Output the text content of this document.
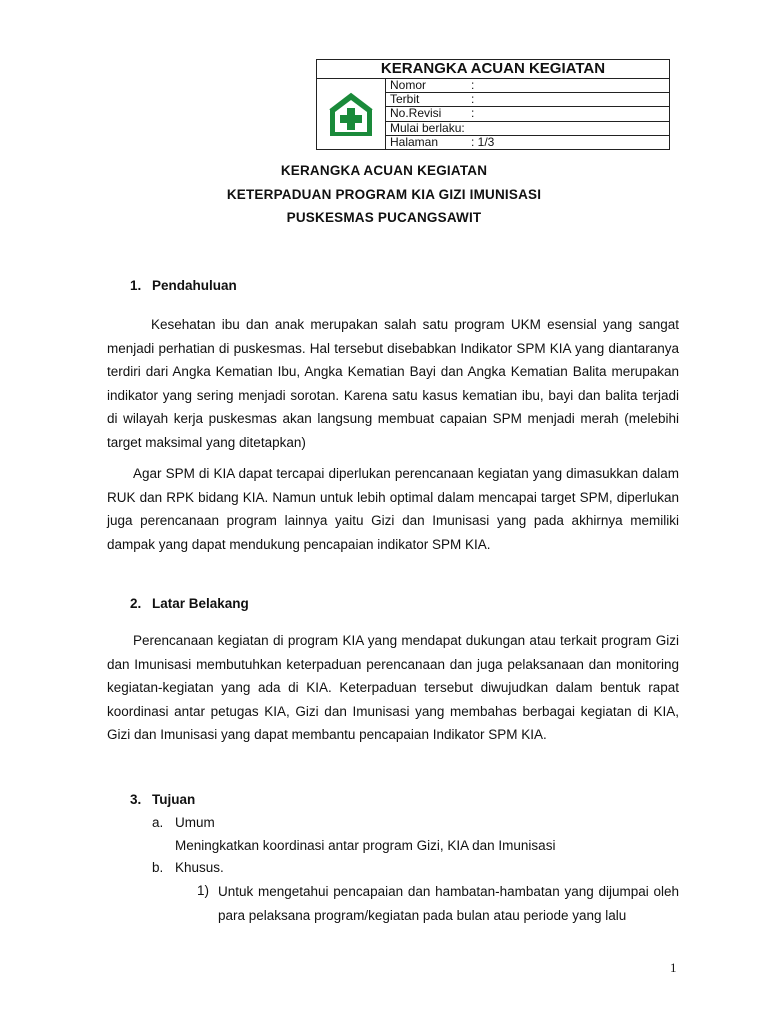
KERANGKA ACUAN KEGIATAN
Nomor	:
Terbit	:
No.Revisi :
Mulai berlaku:
Halaman	: 1/3
KERANGKA ACUAN KEGIATAN
KETERPADUAN PROGRAM KIA GIZI IMUNISASI
PUSKESMAS PUCANGSAWIT
1. Pendahuluan

Kesehatan ibu dan anak merupakan salah satu program UKM esensial yang sangat menjadi perhatian di puskesmas. Hal tersebut disebabkan Indikator SPM KIA yang diantaranya terdiri dari Angka Kematian Ibu, Angka Kematian Bayi dan Angka Kematian Balita merupakan indikator yang sering menjadi sorotan. Karena satu kasus kematian ibu, bayi dan balita terjadi di wilayah kerja puskesmas akan langsung membuat capaian SPM menjadi merah (melebihi target maksimal yang ditetapkan)

Agar SPM di KIA dapat tercapai diperlukan perencanaan kegiatan yang dimasukkan dalam RUK dan RPK bidang KIA. Namun untuk lebih optimal dalam mencapai target SPM, diperlukan juga perencanaan program lainnya yaitu Gizi dan Imunisasi yang pada akhirnya memiliki dampak yang dapat mendukung pencapaian indikator SPM KIA.

2. Latar Belakang

Perencanaan kegiatan di program KIA yang mendapat dukungan atau terkait program Gizi dan Imunisasi membutuhkan keterpaduan perencanaan dan juga pelaksanaan dan monitoring kegiatan-kegiatan yang ada di KIA. Keterpaduan tersebut diwujudkan dalam bentuk rapat koordinasi antar petugas KIA, Gizi dan Imunisasi yang membahas berbagai kegiatan di KIA, Gizi dan Imunisasi yang dapat membantu pencapaian Indikator SPM KIA.

3. Tujuan
a. Umum
Meningkatkan koordinasi antar program Gizi, KIA dan Imunisasi
b. Khusus.
1) Untuk mengetahui pencapaian dan hambatan-hambatan yang dijumpai oleh para pelaksana program/kegiatan pada bulan atau periode yang lalu

1
